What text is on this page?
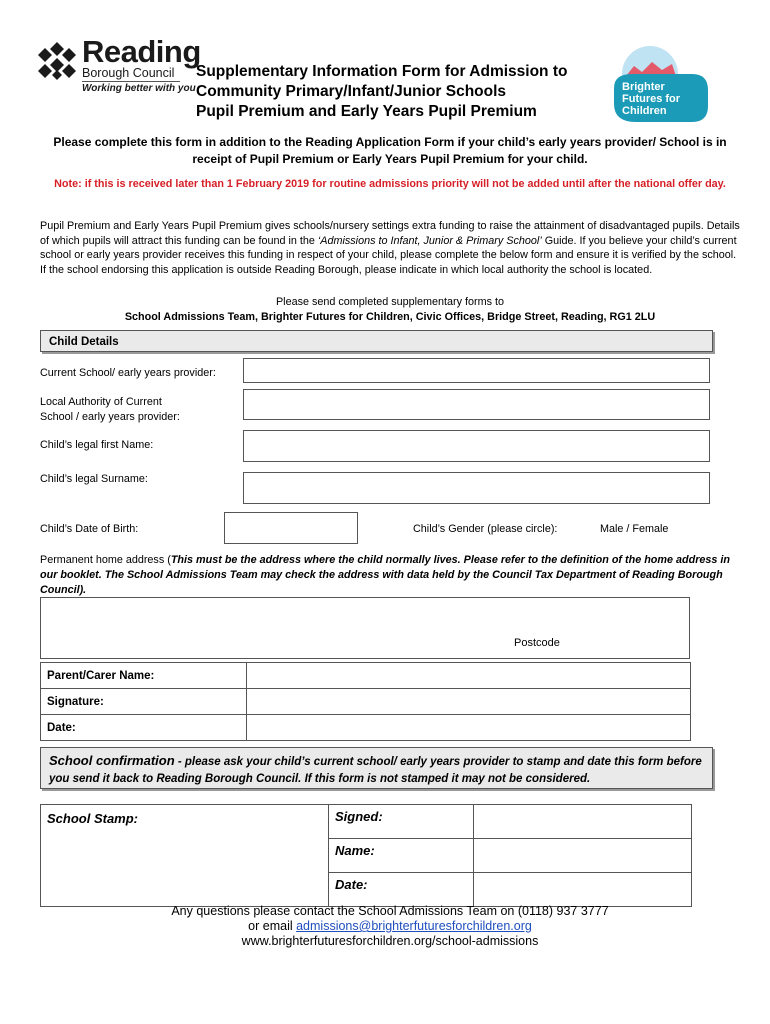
Reading
Borough Council
Working better with you
Supplementary Information Form for Admission to
Community Primary/Infant/Junior Schools
Pupil Premium and Early Years Pupil Premium
Brighter
Futures for
Children
Please complete this form in addition to the Reading Application Form if your child’s early years provider/ School is in receipt of Pupil Premium or Early Years Pupil Premium for your child.
Note: if this is received later than 1 February 2019 for routine admissions priority will not be added until after the national offer day.
Pupil Premium and Early Years Pupil Premium gives schools/nursery settings extra funding to raise the attainment of disadvantaged pupils. Details of which pupils will attract this funding can be found in the ‘Admissions to Infant, Junior & Primary School’ Guide. If you believe your child’s current school or early years provider receives this funding in respect of your child, please complete the below form and ensure it is verified by the school. If the school endorsing this application is outside Reading Borough, please indicate in which local authority the school is located.
Please send completed supplementary forms to
School Admissions Team, Brighter Futures for Children, Civic Offices, Bridge Street, Reading, RG1 2LU
Child Details
Current School/ early years provider:
Local Authority of Current
School / early years provider:
Child’s legal first Name:
Child’s legal Surname:
Child’s Date of Birth:	Child’s Gender (please circle):	Male / Female
Permanent home address (This must be the address where the child normally lives. Please refer to the definition of the home address in our booklet. The School Admissions Team may check the address with data held by the Council Tax Department of Reading Borough Council).
Postcode
Parent/Carer Name:	
Signature:	
Date:	
School confirmation - please ask your child’s current school/ early years provider to stamp and date this form before you send it back to Reading Borough Council. If this form is not stamped it may not be considered.
School Stamp:	Signed:	
	Name:	
	Date:	
Any questions please contact the School Admissions Team on (0118) 937 3777
or email admissions@brighterfuturesforchildren.org
www.brighterfuturesforchildren.org/school-admissions
